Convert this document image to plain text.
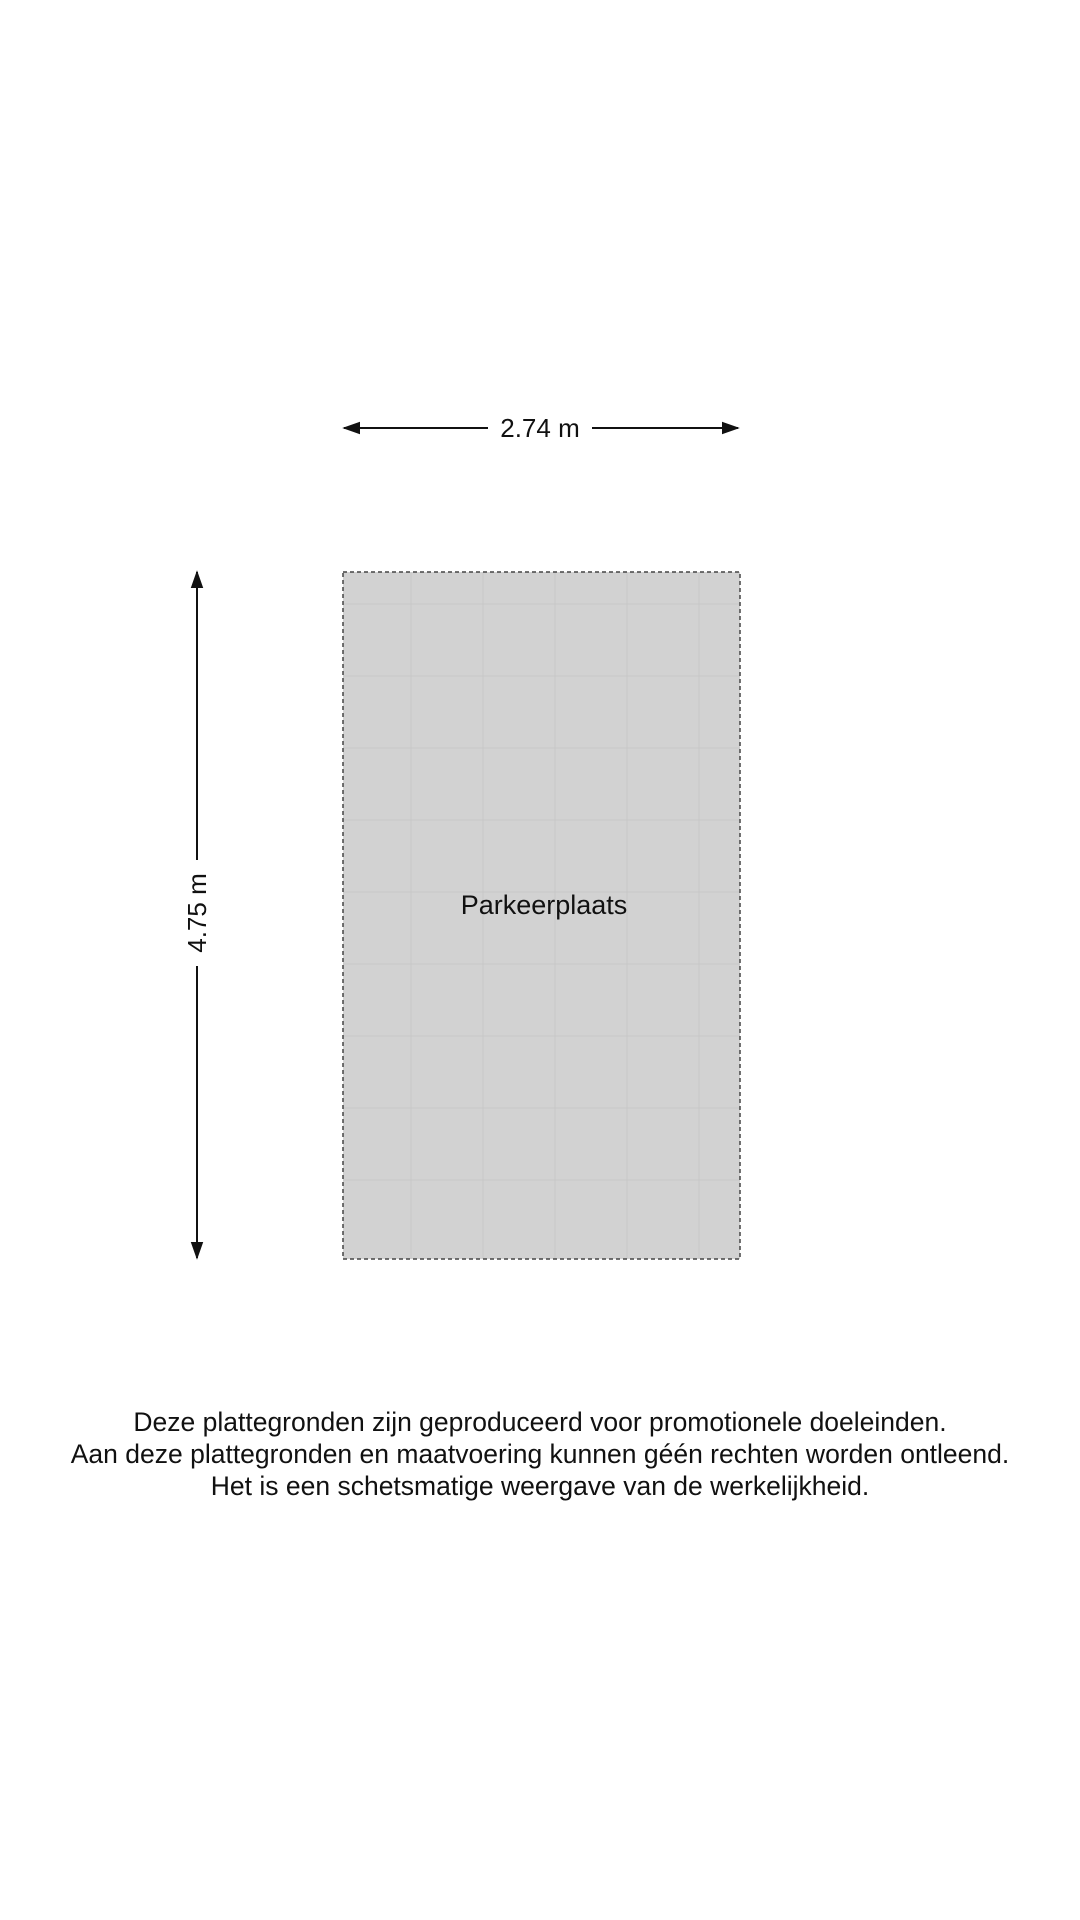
2.74 m
4.75 m	Parkeerplaats
Deze plattegronden zijn geproduceerd voor promotionele doeleinden.
Aan deze plattegronden en maatvoering kunnen géén rechten worden ontleend.
Het is een schetsmatige weergave van de werkelijkheid.
